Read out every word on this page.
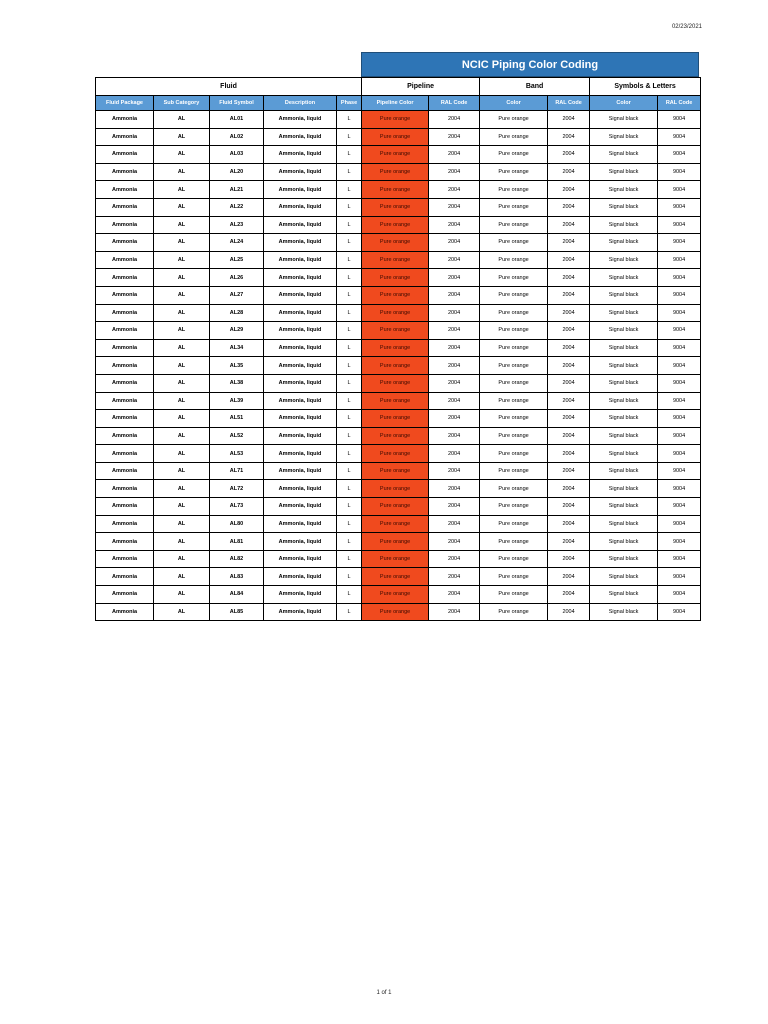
02/23/2021
NCIC Piping Color Coding
Fluid					Pipeline		Band		Symbols & Letters	
Fluid Package	Sub Category	Fluid Symbol	Description	Phase	Pipeline Color	RAL Code	Color	RAL Code	Color	RAL Code
Ammonia	AL	AL01	Ammonia, liquid	L	Pure orange	2004	Pure orange	2004	Signal black	9004
Ammonia	AL	AL02	Ammonia, liquid	L	Pure orange	2004	Pure orange	2004	Signal black	9004
Ammonia	AL	AL03	Ammonia, liquid	L	Pure orange	2004	Pure orange	2004	Signal black	9004
Ammonia	AL	AL20	Ammonia, liquid	L	Pure orange	2004	Pure orange	2004	Signal black	9004
Ammonia	AL	AL21	Ammonia, liquid	L	Pure orange	2004	Pure orange	2004	Signal black	9004
Ammonia	AL	AL22	Ammonia, liquid	L	Pure orange	2004	Pure orange	2004	Signal black	9004
Ammonia	AL	AL23	Ammonia, liquid	L	Pure orange	2004	Pure orange	2004	Signal black	9004
Ammonia	AL	AL24	Ammonia, liquid	L	Pure orange	2004	Pure orange	2004	Signal black	9004
Ammonia	AL	AL25	Ammonia, liquid	L	Pure orange	2004	Pure orange	2004	Signal black	9004
Ammonia	AL	AL26	Ammonia, liquid	L	Pure orange	2004	Pure orange	2004	Signal black	9004
Ammonia	AL	AL27	Ammonia, liquid	L	Pure orange	2004	Pure orange	2004	Signal black	9004
Ammonia	AL	AL28	Ammonia, liquid	L	Pure orange	2004	Pure orange	2004	Signal black	9004
Ammonia	AL	AL29	Ammonia, liquid	L	Pure orange	2004	Pure orange	2004	Signal black	9004
Ammonia	AL	AL34	Ammonia, liquid	L	Pure orange	2004	Pure orange	2004	Signal black	9004
Ammonia	AL	AL35	Ammonia, liquid	L	Pure orange	2004	Pure orange	2004	Signal black	9004
Ammonia	AL	AL38	Ammonia, liquid	L	Pure orange	2004	Pure orange	2004	Signal black	9004
Ammonia	AL	AL39	Ammonia, liquid	L	Pure orange	2004	Pure orange	2004	Signal black	9004
Ammonia	AL	AL51	Ammonia, liquid	L	Pure orange	2004	Pure orange	2004	Signal black	9004
Ammonia	AL	AL52	Ammonia, liquid	L	Pure orange	2004	Pure orange	2004	Signal black	9004
Ammonia	AL	AL53	Ammonia, liquid	L	Pure orange	2004	Pure orange	2004	Signal black	9004
Ammonia	AL	AL71	Ammonia, liquid	L	Pure orange	2004	Pure orange	2004	Signal black	9004
Ammonia	AL	AL72	Ammonia, liquid	L	Pure orange	2004	Pure orange	2004	Signal black	9004
Ammonia	AL	AL73	Ammonia, liquid	L	Pure orange	2004	Pure orange	2004	Signal black	9004
Ammonia	AL	AL80	Ammonia, liquid	L	Pure orange	2004	Pure orange	2004	Signal black	9004
Ammonia	AL	AL81	Ammonia, liquid	L	Pure orange	2004	Pure orange	2004	Signal black	9004
Ammonia	AL	AL82	Ammonia, liquid	L	Pure orange	2004	Pure orange	2004	Signal black	9004
Ammonia	AL	AL83	Ammonia, liquid	L	Pure orange	2004	Pure orange	2004	Signal black	9004
Ammonia	AL	AL84	Ammonia, liquid	L	Pure orange	2004	Pure orange	2004	Signal black	9004
Ammonia	AL	AL85	Ammonia, liquid	L	Pure orange	2004	Pure orange	2004	Signal black	9004
1 of 1
